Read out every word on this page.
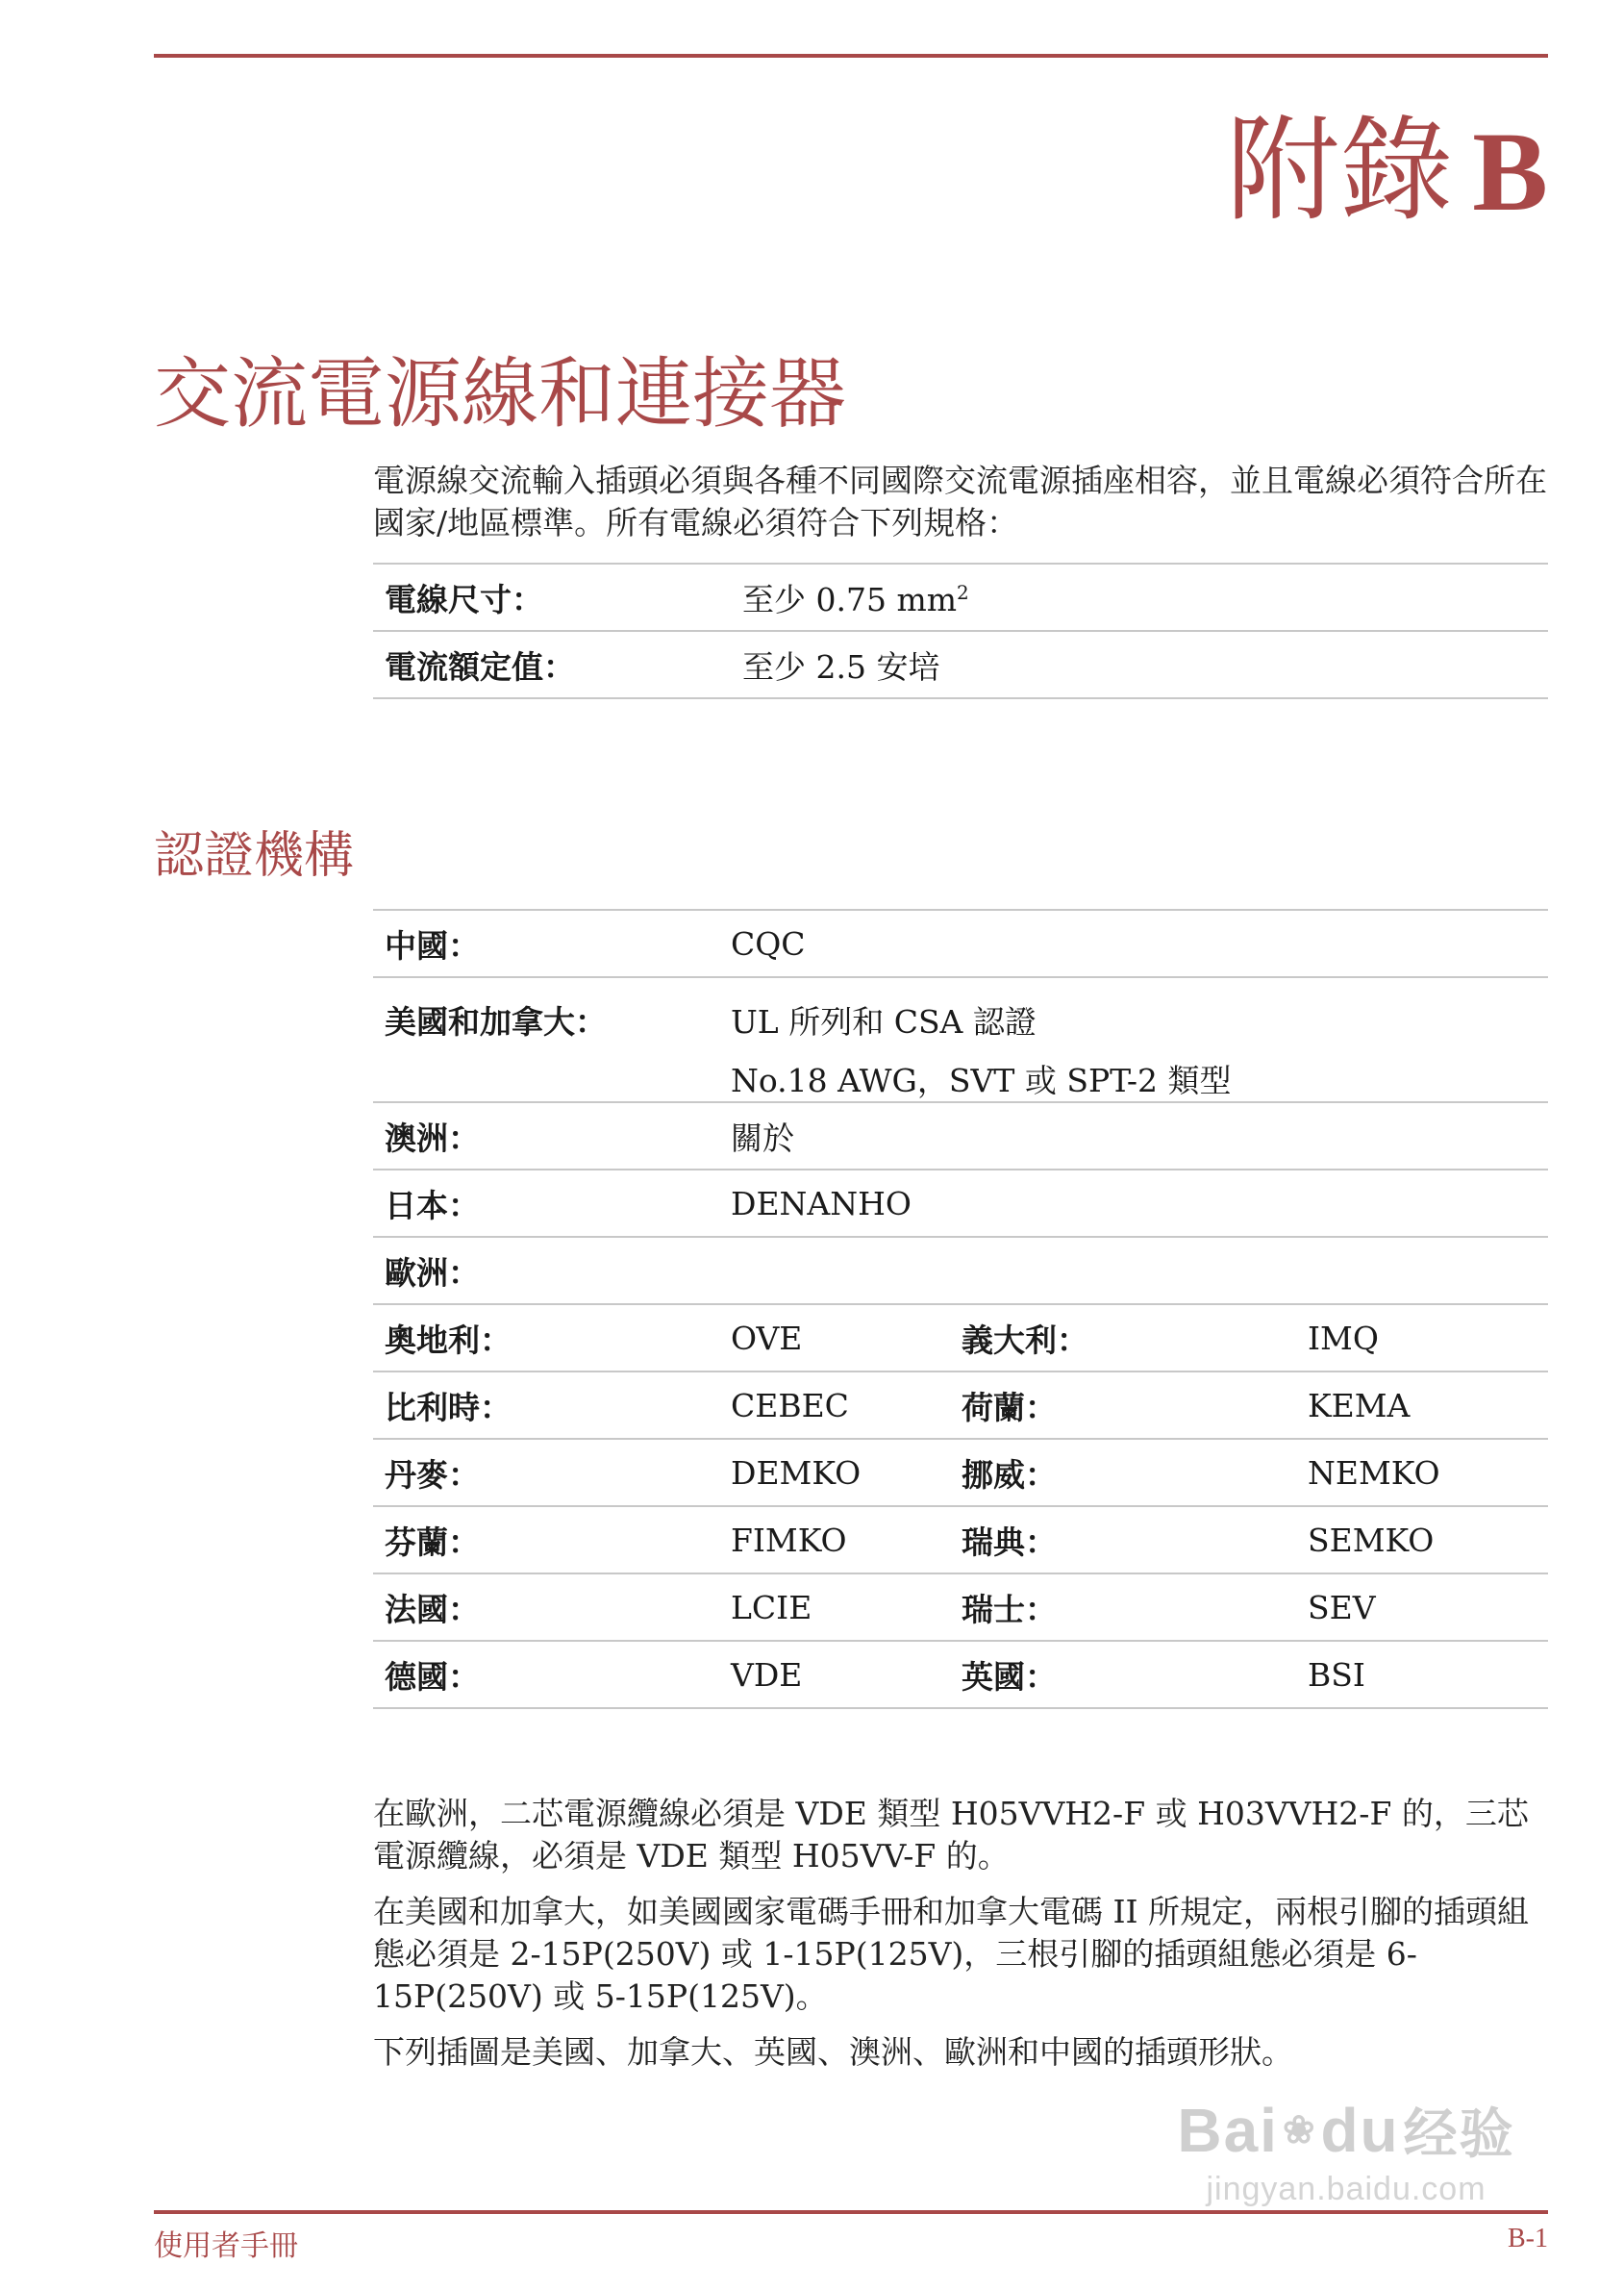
附錄 B
交流電源線和連接器

電源線交流輸入插頭必須與各種不同國際交流電源插座相容，並且電線必須符合所在國家/地區標準。所有電線必須符合下列規格：

電線尺寸：	至少 0.75 $mm^2$
電流額定值：	至少 2.5 安培
認證機構
中國：	CQC		
美國和加拿大：	UL 所列和 CSA 認證
No.18 AWG，SVT 或 SPT-2 類型		

澳洲：	關於		
日本：	DENANHO		
歐洲：			
奧地利：	OVE	義大利：	IMQ
比利時：	CEBEC	荷蘭：	KEMA
丹麥：	DEMKO	挪威：	NEMKO
芬蘭：	FIMKO	瑞典：	SEMKO
法國：	LCIE	瑞士：	SEV
德國：	VDE	英國：	BSI

在歐洲，二芯電源纜線必須是 VDE 類型 H05VVH2-F 或 H03VVH2-F 的，三芯電源纜線，必須是 VDE 類型 H05VV-F 的。

在美國和加拿大，如美國國家電碼手冊和加拿大電碼 II 所規定，兩根引腳的插頭組態必須是 2-15P(250V) 或 1-15P(125V)，三根引腳的插頭組態必須是 6-15P(250V) 或 5-15P(125V)。

下列插圖是美國、加拿大、英國、澳洲、歐洲和中國的插頭形狀。

Bai ❀ du 经验
jingyan.baidu.com
使用者手冊	B-1
